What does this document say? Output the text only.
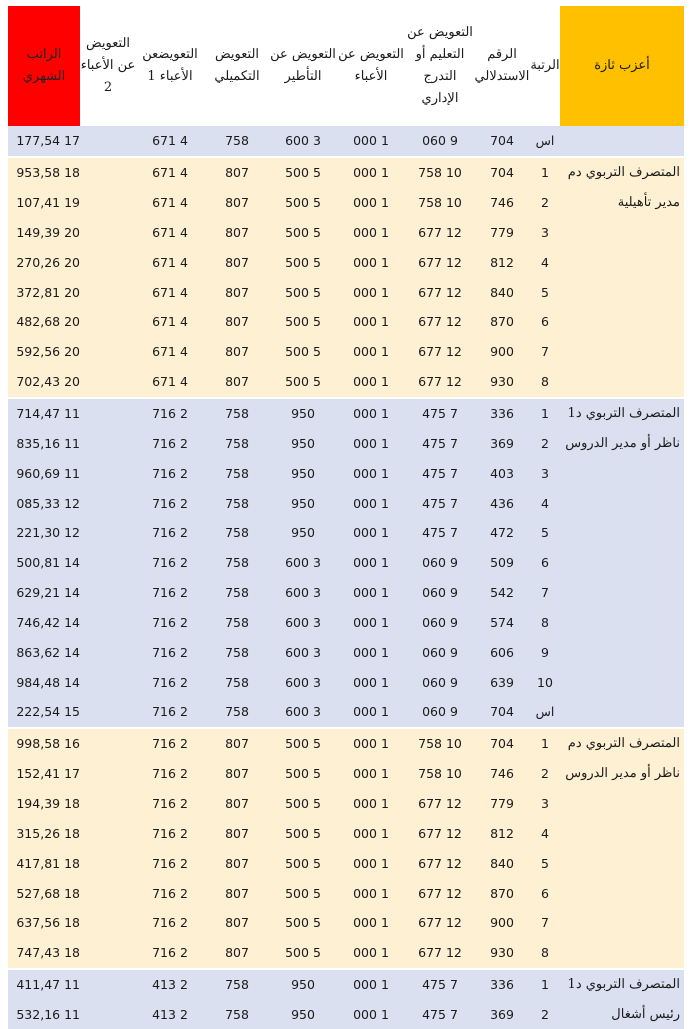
أعزب ثازة	الرتبة	الرقم الاستدلالي	التعويض عن التعليم أو التدرج الإداري	التعويض عن الأعباء	التعويض عن التأطير	التعويض التكميلي	التعويضعن الأعباء 1	التعويض عن الأعباء 2	الراتب الشهري
	اس	704	9 060	1 000	3 600	758	4 671		17 177,54
المتصرف التربوي دم	1	704	10 758	1 000	5 500	807	4 671		18 953,58
مدير تأهيلية	2	746	10 758	1 000	5 500	807	4 671		19 107,41
	3	779	12 677	1 000	5 500	807	4 671		20 149,39
	4	812	12 677	1 000	5 500	807	4 671		20 270,26
	5	840	12 677	1 000	5 500	807	4 671		20 372,81
	6	870	12 677	1 000	5 500	807	4 671		20 482,68
	7	900	12 677	1 000	5 500	807	4 671		20 592,56
	8	930	12 677	1 000	5 500	807	4 671		20 702,43
المتصرف التربوي د1	1	336	7 475	1 000	950	758	2 716		11 714,47
ناظر أو مدير الدروس	2	369	7 475	1 000	950	758	2 716		11 835,16
	3	403	7 475	1 000	950	758	2 716		11 960,69
	4	436	7 475	1 000	950	758	2 716		12 085,33
	5	472	7 475	1 000	950	758	2 716		12 221,30
	6	509	9 060	1 000	3 600	758	2 716		14 500,81
	7	542	9 060	1 000	3 600	758	2 716		14 629,21
	8	574	9 060	1 000	3 600	758	2 716		14 746,42
	9	606	9 060	1 000	3 600	758	2 716		14 863,62
	10	639	9 060	1 000	3 600	758	2 716		14 984,48
	اس	704	9 060	1 000	3 600	758	2 716		15 222,54
المتصرف التربوي دم	1	704	10 758	1 000	5 500	807	2 716		16 998,58
ناظر أو مدير الدروس	2	746	10 758	1 000	5 500	807	2 716		17 152,41
	3	779	12 677	1 000	5 500	807	2 716		18 194,39
	4	812	12 677	1 000	5 500	807	2 716		18 315,26
	5	840	12 677	1 000	5 500	807	2 716		18 417,81
	6	870	12 677	1 000	5 500	807	2 716		18 527,68
	7	900	12 677	1 000	5 500	807	2 716		18 637,56
	8	930	12 677	1 000	5 500	807	2 716		18 747,43
المتصرف التربوي د1	1	336	7 475	1 000	950	758	2 413		11 411,47
رئيس أشغال	2	369	7 475	1 000	950	758	2 413		11 532,16
